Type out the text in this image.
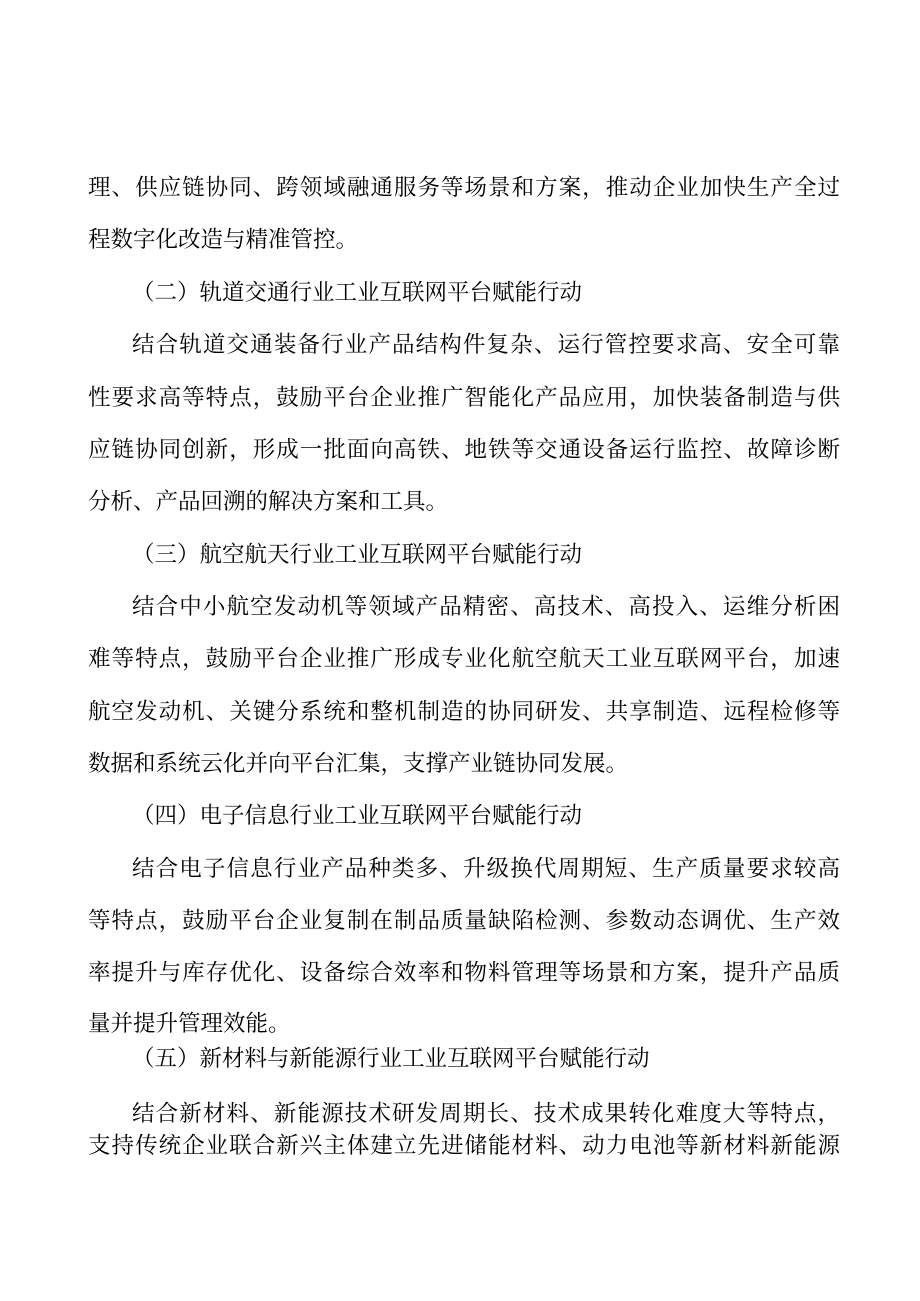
理、供应链协同、跨领域融通服务等场景和方案，推动企业加快生产全过
程数字化改造与精准管控。
（二）轨道交通行业工业互联网平台赋能行动
结合轨道交通装备行业产品结构件复杂、运行管控要求高、安全可靠
性要求高等特点，鼓励平台企业推广智能化产品应用，加快装备制造与供
应链协同创新，形成一批面向高铁、地铁等交通设备运行监控、故障诊断
分析、产品回溯的解决方案和工具。
（三）航空航天行业工业互联网平台赋能行动
结合中小航空发动机等领域产品精密、高技术、高投入、运维分析困
难等特点，鼓励平台企业推广形成专业化航空航天工业互联网平台，加速
航空发动机、关键分系统和整机制造的协同研发、共享制造、远程检修等
数据和系统云化并向平台汇集，支撑产业链协同发展。
（四）电子信息行业工业互联网平台赋能行动
结合电子信息行业产品种类多、升级换代周期短、生产质量要求较高
等特点，鼓励平台企业复制在制品质量缺陷检测、参数动态调优、生产效
率提升与库存优化、设备综合效率和物料管理等场景和方案，提升产品质
量并提升管理效能。
（五）新材料与新能源行业工业互联网平台赋能行动
结合新材料、新能源技术研发周期长、技术成果转化难度大等特点，
支持传统企业联合新兴主体建立先进储能材料、动力电池等新材料新能源
